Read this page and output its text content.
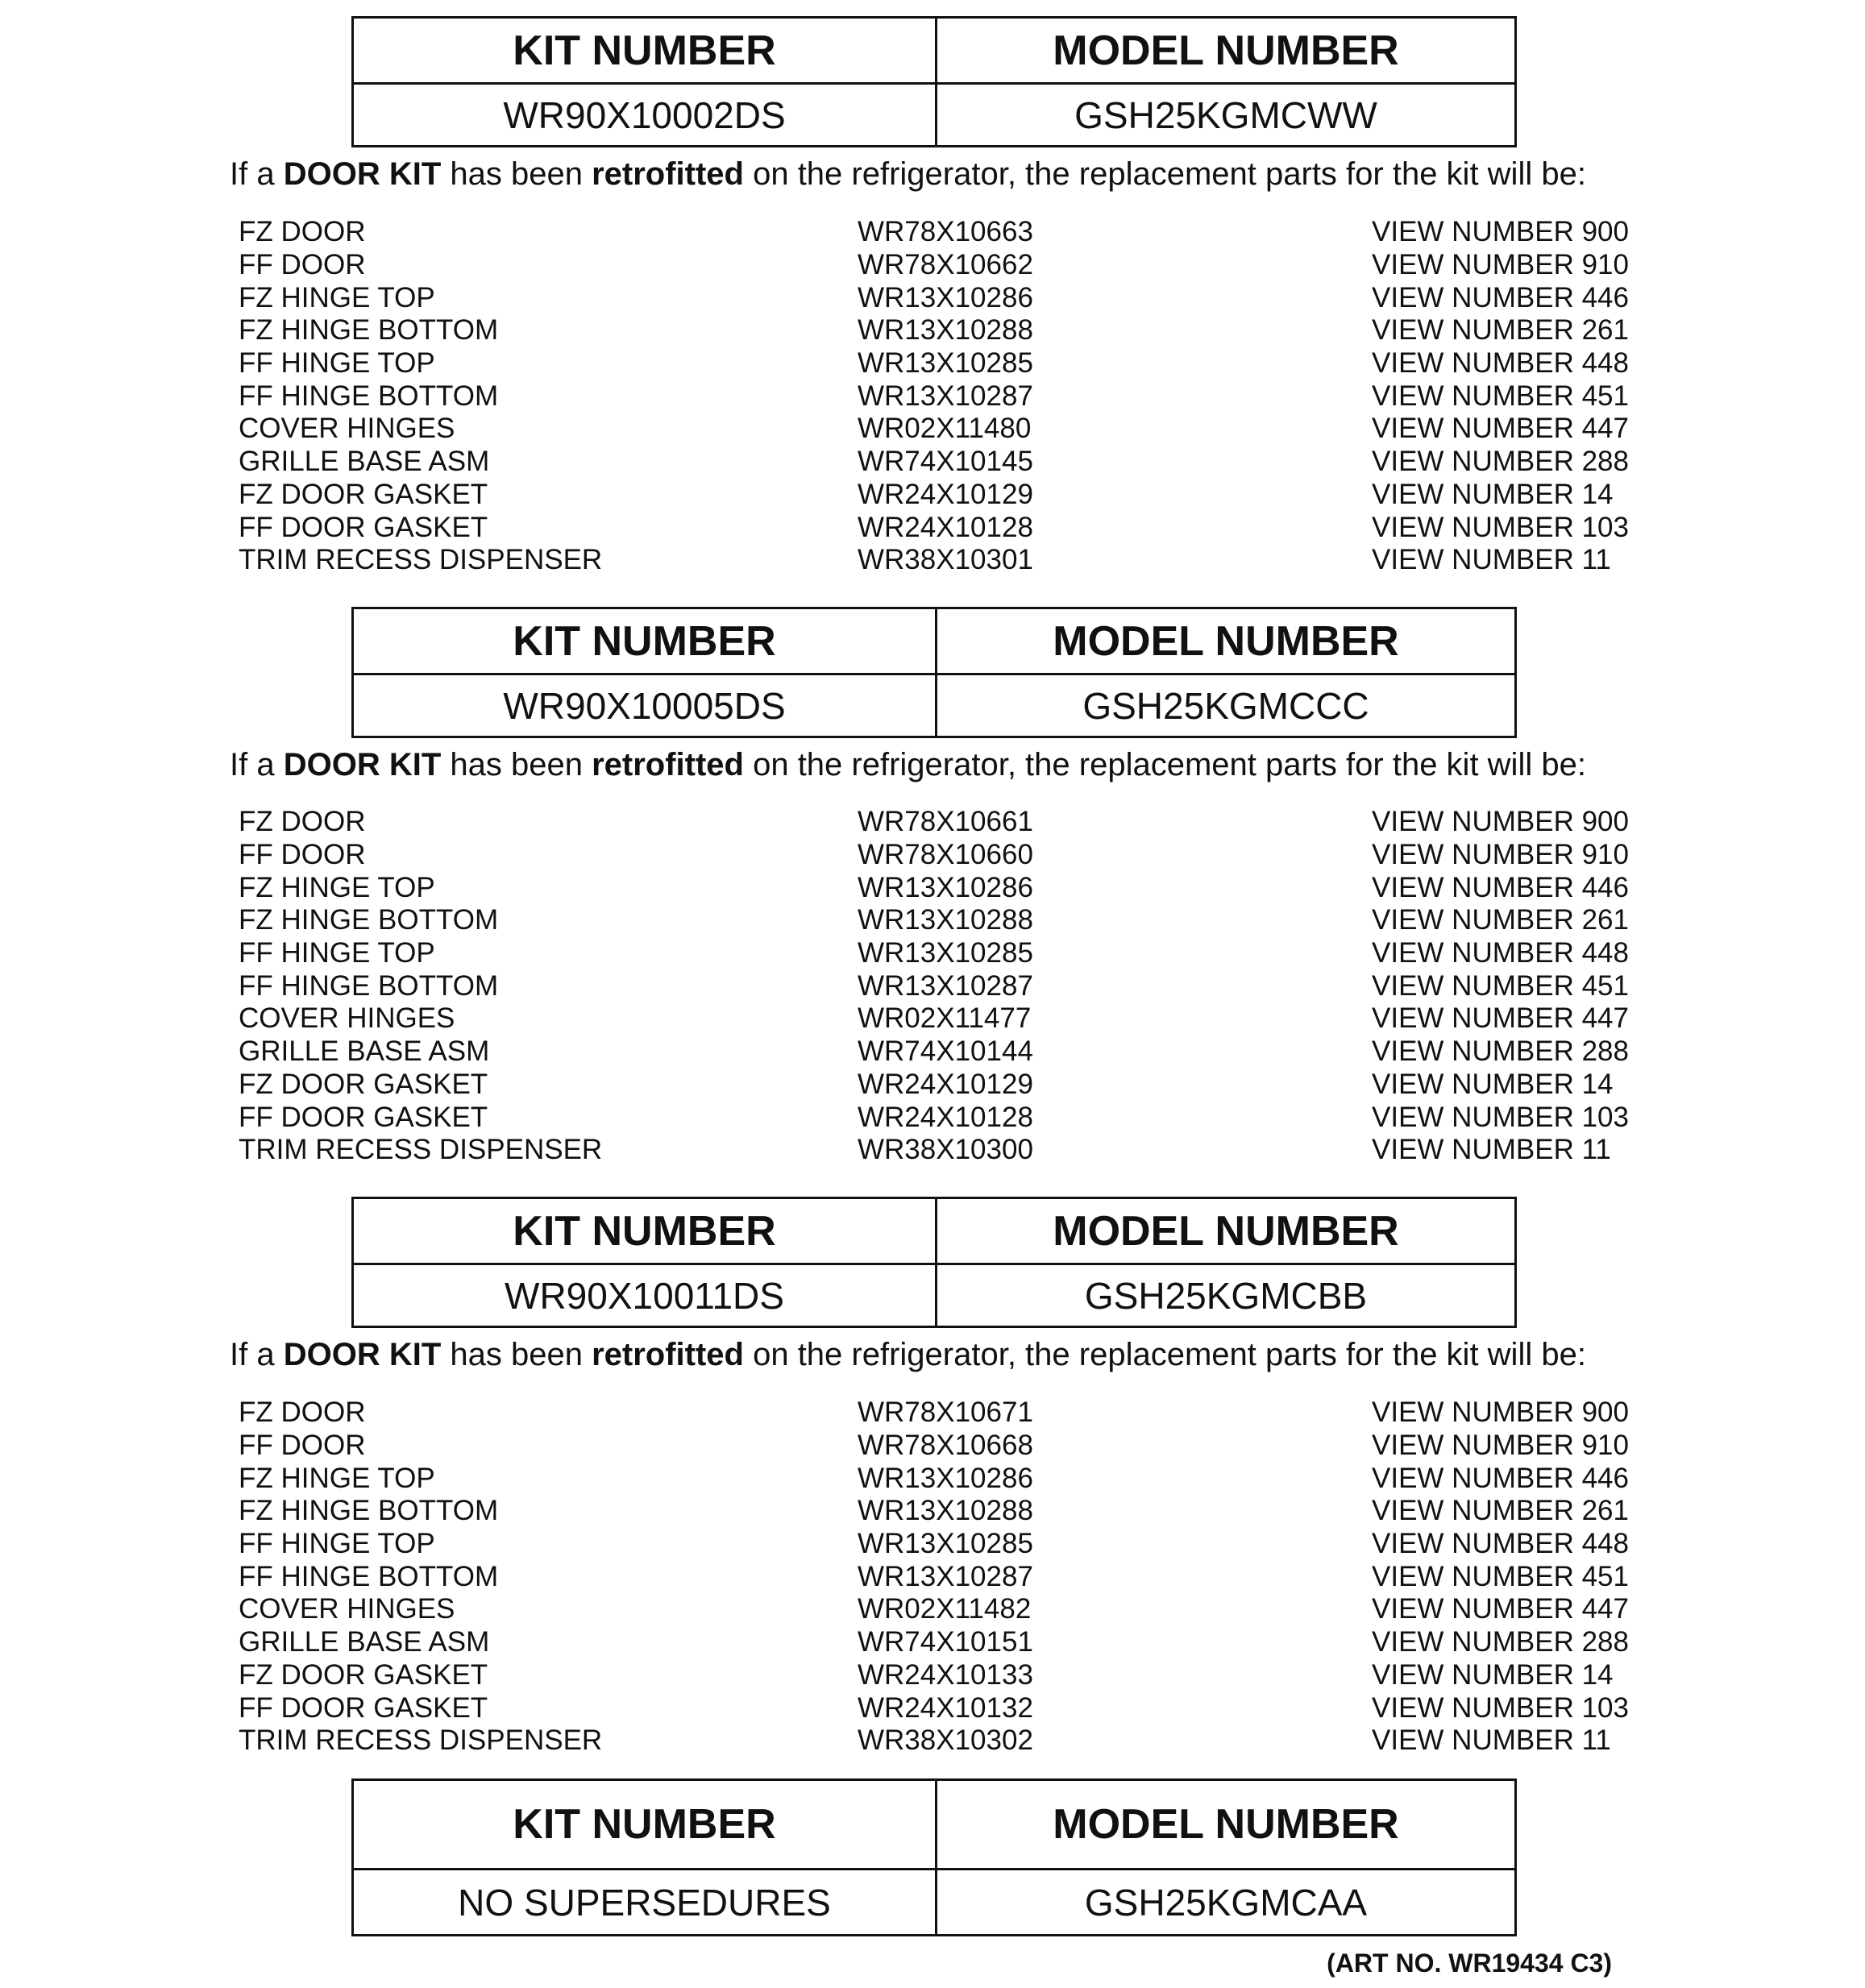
KIT NUMBER	MODEL NUMBER
WR90X10002DS	GSH25KGMCWW
If a DOOR KIT has been retrofitted on the refrigerator, the replacement parts for the kit will be:
FZ DOOR	WR78X10663	VIEW NUMBER 900
FF DOOR	WR78X10662	VIEW NUMBER 910
FZ HINGE TOP	WR13X10286	VIEW NUMBER 446
FZ HINGE BOTTOM	WR13X10288	VIEW NUMBER 261
FF HINGE TOP	WR13X10285	VIEW NUMBER 448
FF HINGE BOTTOM	WR13X10287	VIEW NUMBER 451
COVER HINGES	WR02X11480	VIEW NUMBER 447
GRILLE BASE ASM	WR74X10145	VIEW NUMBER 288
FZ DOOR GASKET	WR24X10129	VIEW NUMBER 14
FF DOOR GASKET	WR24X10128	VIEW NUMBER 103
TRIM RECESS DISPENSER	WR38X10301	VIEW NUMBER 11
KIT NUMBER	MODEL NUMBER
WR90X10005DS	GSH25KGMCCC
If a DOOR KIT has been retrofitted on the refrigerator, the replacement parts for the kit will be:
FZ DOOR	WR78X10661	VIEW NUMBER 900
FF DOOR	WR78X10660	VIEW NUMBER 910
FZ HINGE TOP	WR13X10286	VIEW NUMBER 446
FZ HINGE BOTTOM	WR13X10288	VIEW NUMBER 261
FF HINGE TOP	WR13X10285	VIEW NUMBER 448
FF HINGE BOTTOM	WR13X10287	VIEW NUMBER 451
COVER HINGES	WR02X11477	VIEW NUMBER 447
GRILLE BASE ASM	WR74X10144	VIEW NUMBER 288
FZ DOOR GASKET	WR24X10129	VIEW NUMBER 14
FF DOOR GASKET	WR24X10128	VIEW NUMBER 103
TRIM RECESS DISPENSER	WR38X10300	VIEW NUMBER 11
KIT NUMBER	MODEL NUMBER
WR90X10011DS	GSH25KGMCBB
If a DOOR KIT has been retrofitted on the refrigerator, the replacement parts for the kit will be:
FZ DOOR	WR78X10671	VIEW NUMBER 900
FF DOOR	WR78X10668	VIEW NUMBER 910
FZ HINGE TOP	WR13X10286	VIEW NUMBER 446
FZ HINGE BOTTOM	WR13X10288	VIEW NUMBER 261
FF HINGE TOP	WR13X10285	VIEW NUMBER 448
FF HINGE BOTTOM	WR13X10287	VIEW NUMBER 451
COVER HINGES	WR02X11482	VIEW NUMBER 447
GRILLE BASE ASM	WR74X10151	VIEW NUMBER 288
FZ DOOR GASKET	WR24X10133	VIEW NUMBER 14
FF DOOR GASKET	WR24X10132	VIEW NUMBER 103
TRIM RECESS DISPENSER	WR38X10302	VIEW NUMBER 11
KIT NUMBER	MODEL NUMBER
NO SUPERSEDURES	GSH25KGMCAA
(ART NO. WR19434 C3)
